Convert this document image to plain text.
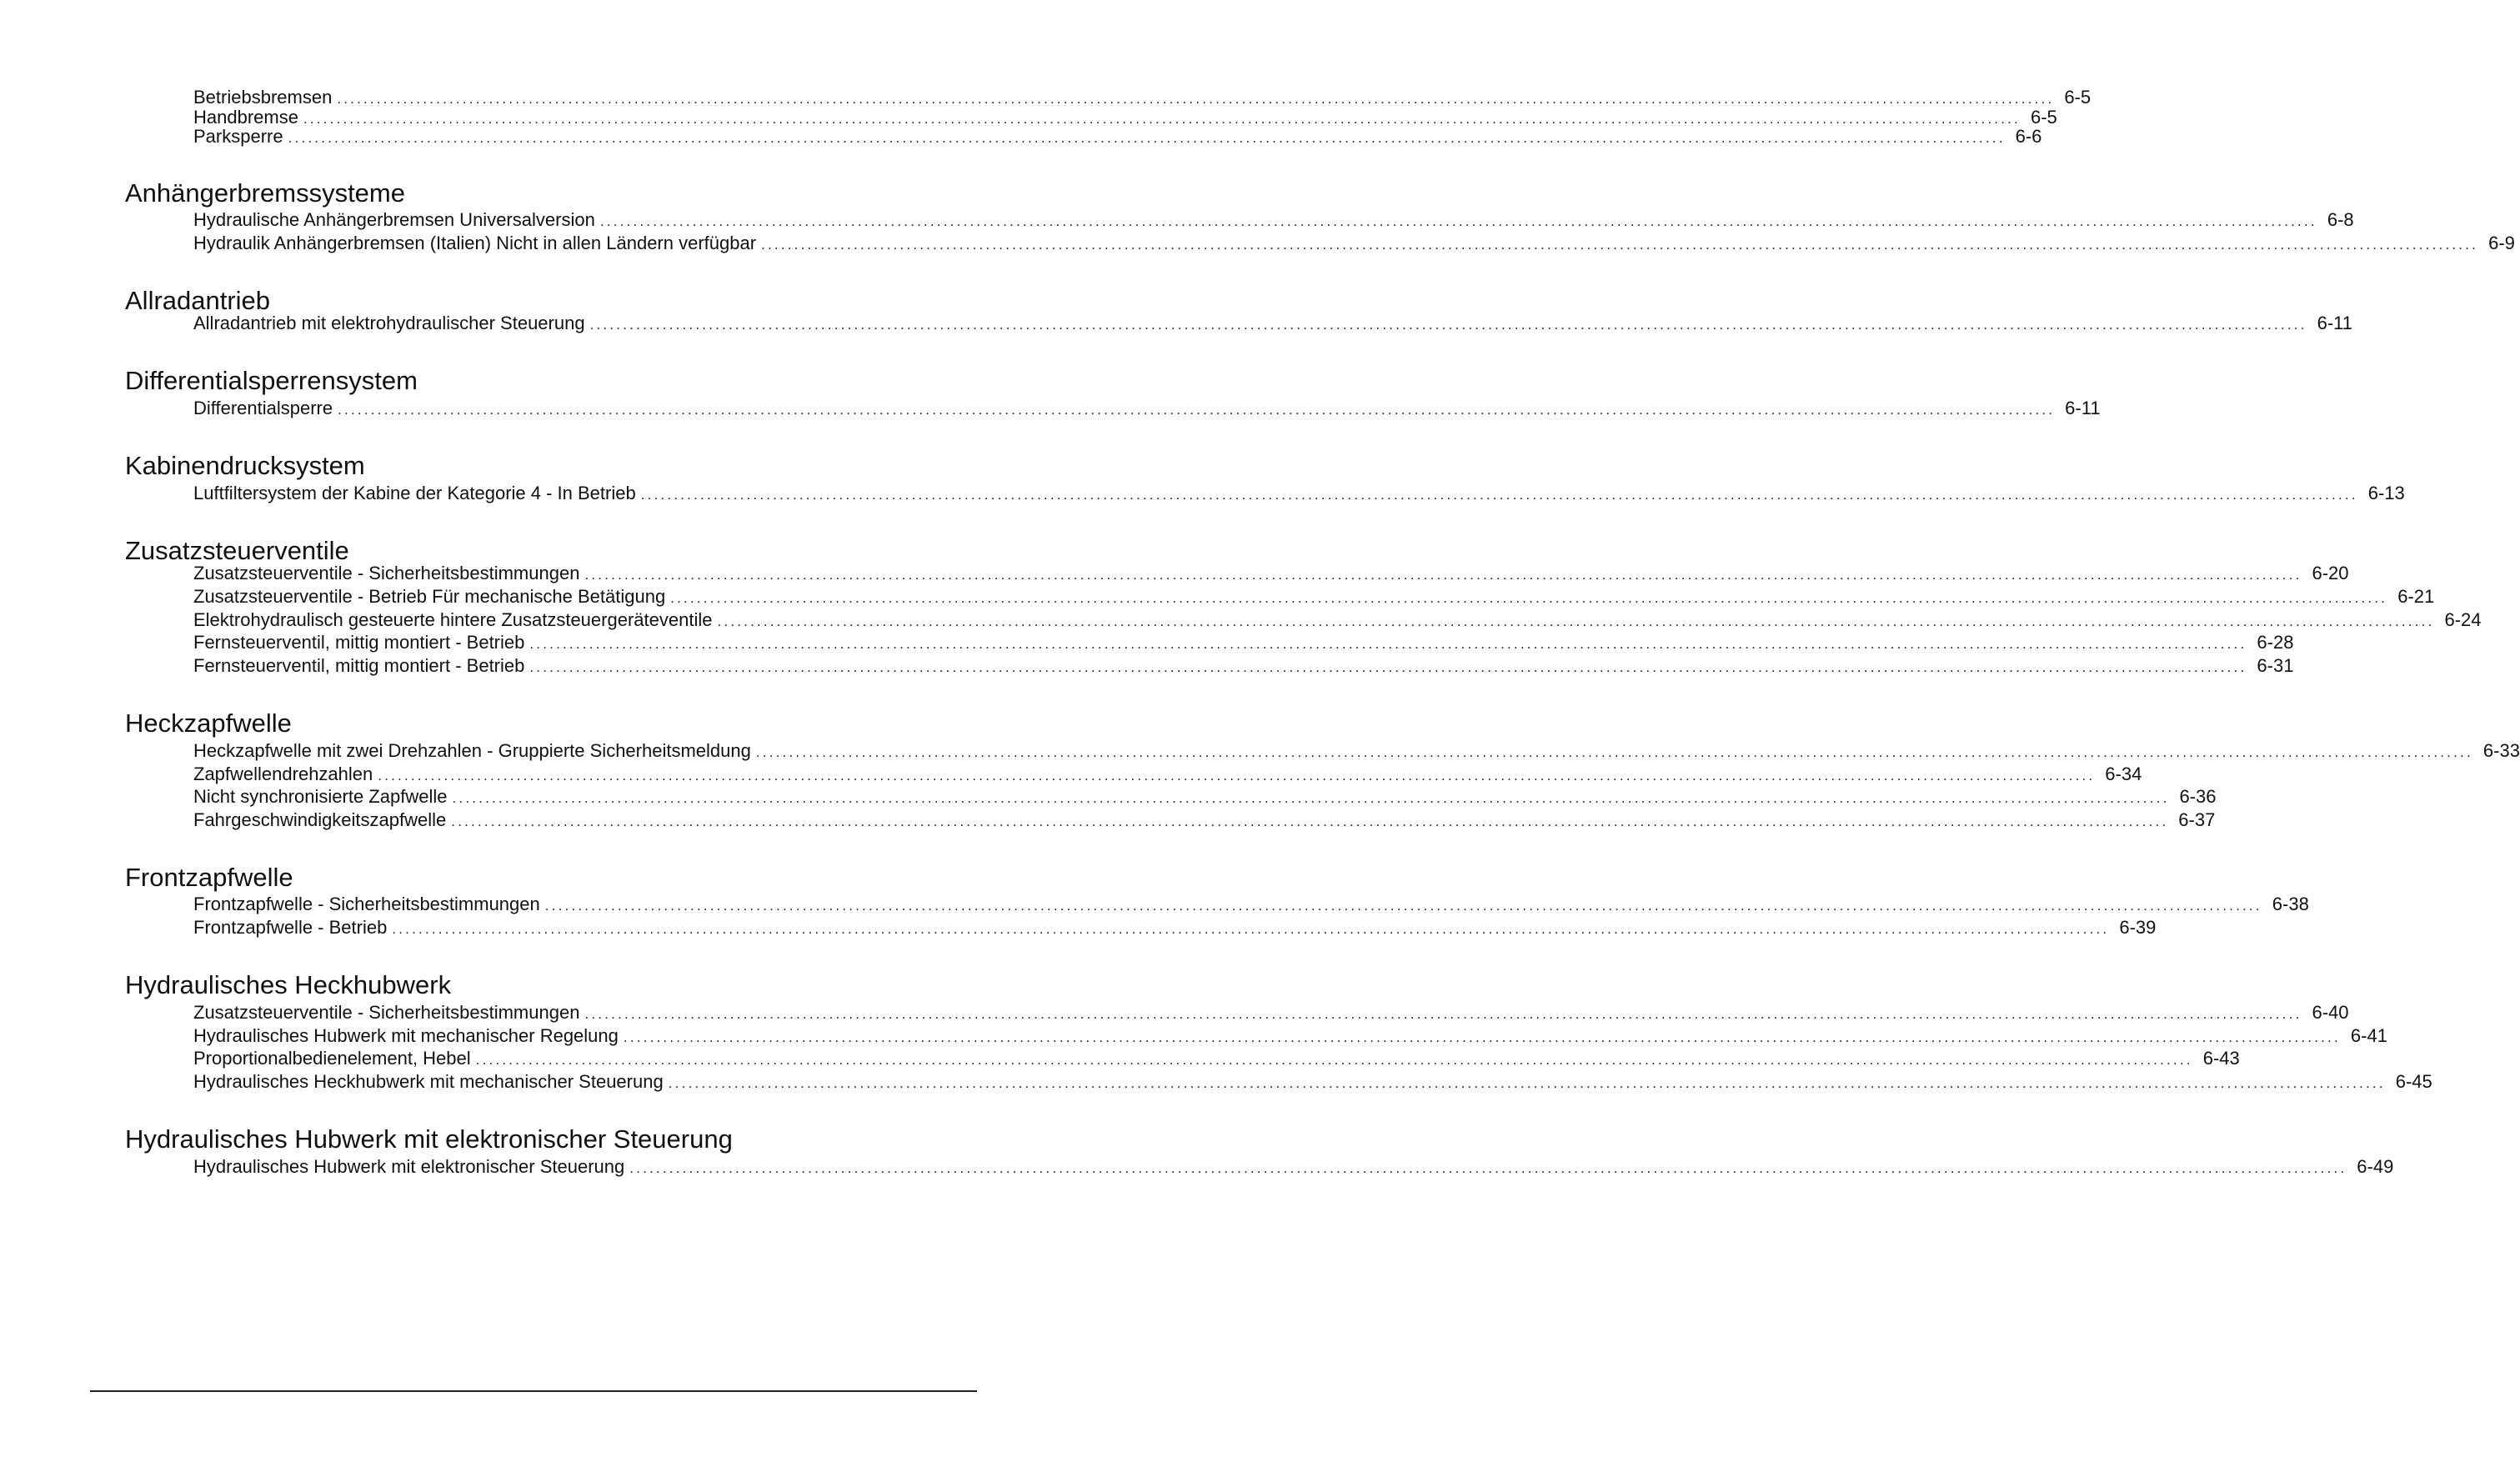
Betriebsbremsen .................................................................................................................................................................................................................................................................... 6-5
Handbremse .................................................................................................................................................................................................................................................................... 6-5
Parksperre .................................................................................................................................................................................................................................................................... 6-6
Anhängerbremssysteme
Hydraulische Anhängerbremsen Universalversion .................................................................................................................................................................................................................................................................... 6-8
Hydraulik Anhängerbremsen (Italien) Nicht in allen Ländern verfügbar .................................................................................................................................................................................................................................................................... 6-9
Allradantrieb
Allradantrieb mit elektrohydraulischer Steuerung .................................................................................................................................................................................................................................................................... 6-11
Differentialsperrensystem
Differentialsperre .................................................................................................................................................................................................................................................................... 6-11
Kabinendrucksystem
Luftfiltersystem der Kabine der Kategorie 4 - In Betrieb .................................................................................................................................................................................................................................................................... 6-13
Zusatzsteuerventile
Zusatzsteuerventile - Sicherheitsbestimmungen .................................................................................................................................................................................................................................................................... 6-20
Zusatzsteuerventile - Betrieb Für mechanische Betätigung .................................................................................................................................................................................................................................................................... 6-21
Elektrohydraulisch gesteuerte hintere Zusatzsteuergeräteventile .................................................................................................................................................................................................................................................................... 6-24
Fernsteuerventil, mittig montiert - Betrieb .................................................................................................................................................................................................................................................................... 6-28
Fernsteuerventil, mittig montiert - Betrieb .................................................................................................................................................................................................................................................................... 6-31
Heckzapfwelle
Heckzapfwelle mit zwei Drehzahlen - Gruppierte Sicherheitsmeldung .................................................................................................................................................................................................................................................................... 6-33
Zapfwellendrehzahlen .................................................................................................................................................................................................................................................................... 6-34
Nicht synchronisierte Zapfwelle .................................................................................................................................................................................................................................................................... 6-36
Fahrgeschwindigkeitszapfwelle .................................................................................................................................................................................................................................................................... 6-37
Frontzapfwelle
Frontzapfwelle - Sicherheitsbestimmungen .................................................................................................................................................................................................................................................................... 6-38
Frontzapfwelle - Betrieb .................................................................................................................................................................................................................................................................... 6-39
Hydraulisches Heckhubwerk
Zusatzsteuerventile - Sicherheitsbestimmungen .................................................................................................................................................................................................................................................................... 6-40
Hydraulisches Hubwerk mit mechanischer Regelung .................................................................................................................................................................................................................................................................... 6-41
Proportionalbedienelement, Hebel .................................................................................................................................................................................................................................................................... 6-43
Hydraulisches Heckhubwerk mit mechanischer Steuerung .................................................................................................................................................................................................................................................................... 6-45
Hydraulisches Hubwerk mit elektronischer Steuerung
Hydraulisches Hubwerk mit elektronischer Steuerung .................................................................................................................................................................................................................................................................... 6-49
